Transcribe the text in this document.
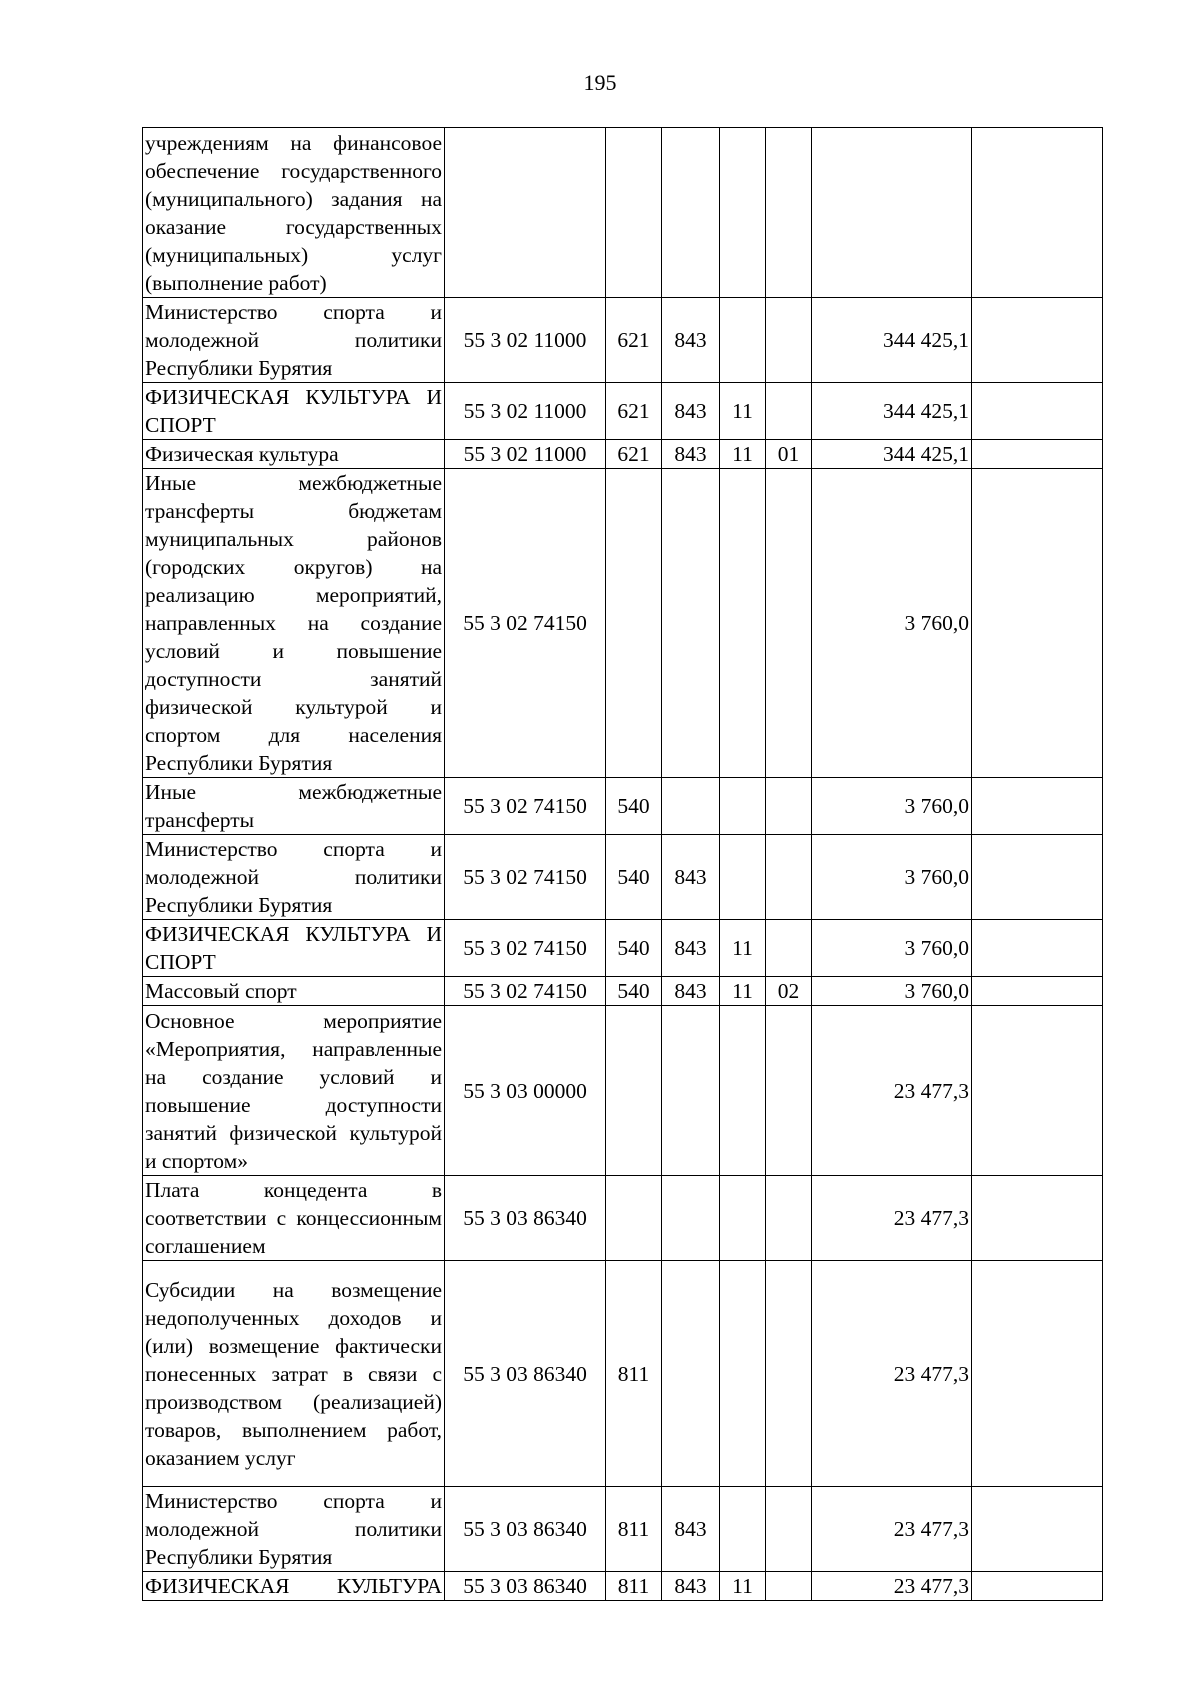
195
учреждениям на финансовое обеспечение государственного (муниципального) задания на оказание государственных (муниципальных) услуг (выполнение работ)							
Министерство спорта и молодежной политики Республики Бурятия	55 3 02 11000	621	843			344 425,1	
ФИЗИЧЕСКАЯ КУЛЬТУРА И СПОРТ	55 3 02 11000	621	843	11		344 425,1	
Физическая культура	55 3 02 11000	621	843	11	01	344 425,1	
Иные межбюджетные трансферты бюджетам муниципальных районов (городских округов) на реализацию мероприятий, направленных на создание условий и повышение доступности занятий физической культурой и спортом для населения Республики Бурятия	55 3 02 74150					3 760,0	
Иные межбюджетные трансферты	55 3 02 74150	540				3 760,0	
Министерство спорта и молодежной политики Республики Бурятия	55 3 02 74150	540	843			3 760,0	
ФИЗИЧЕСКАЯ КУЛЬТУРА И СПОРТ	55 3 02 74150	540	843	11		3 760,0	
Массовый спорт	55 3 02 74150	540	843	11	02	3 760,0	
Основное мероприятие «Мероприятия, направленные на создание условий и повышение доступности занятий физической культурой и спортом»	55 3 03 00000					23 477,3	
Плата концедента в соответствии с концессионным соглашением	55 3 03 86340					23 477,3	
Субсидии на возмещение недополученных доходов и (или) возмещение фактически понесенных затрат в связи с производством (реализацией) товаров, выполнением работ, оказанием услуг	55 3 03 86340	811				23 477,3	
Министерство спорта и молодежной политики Республики Бурятия	55 3 03 86340	811	843			23 477,3	
ФИЗИЧЕСКАЯ КУЛЬТУРА	55 3 03 86340	811	843	11		23 477,3	
